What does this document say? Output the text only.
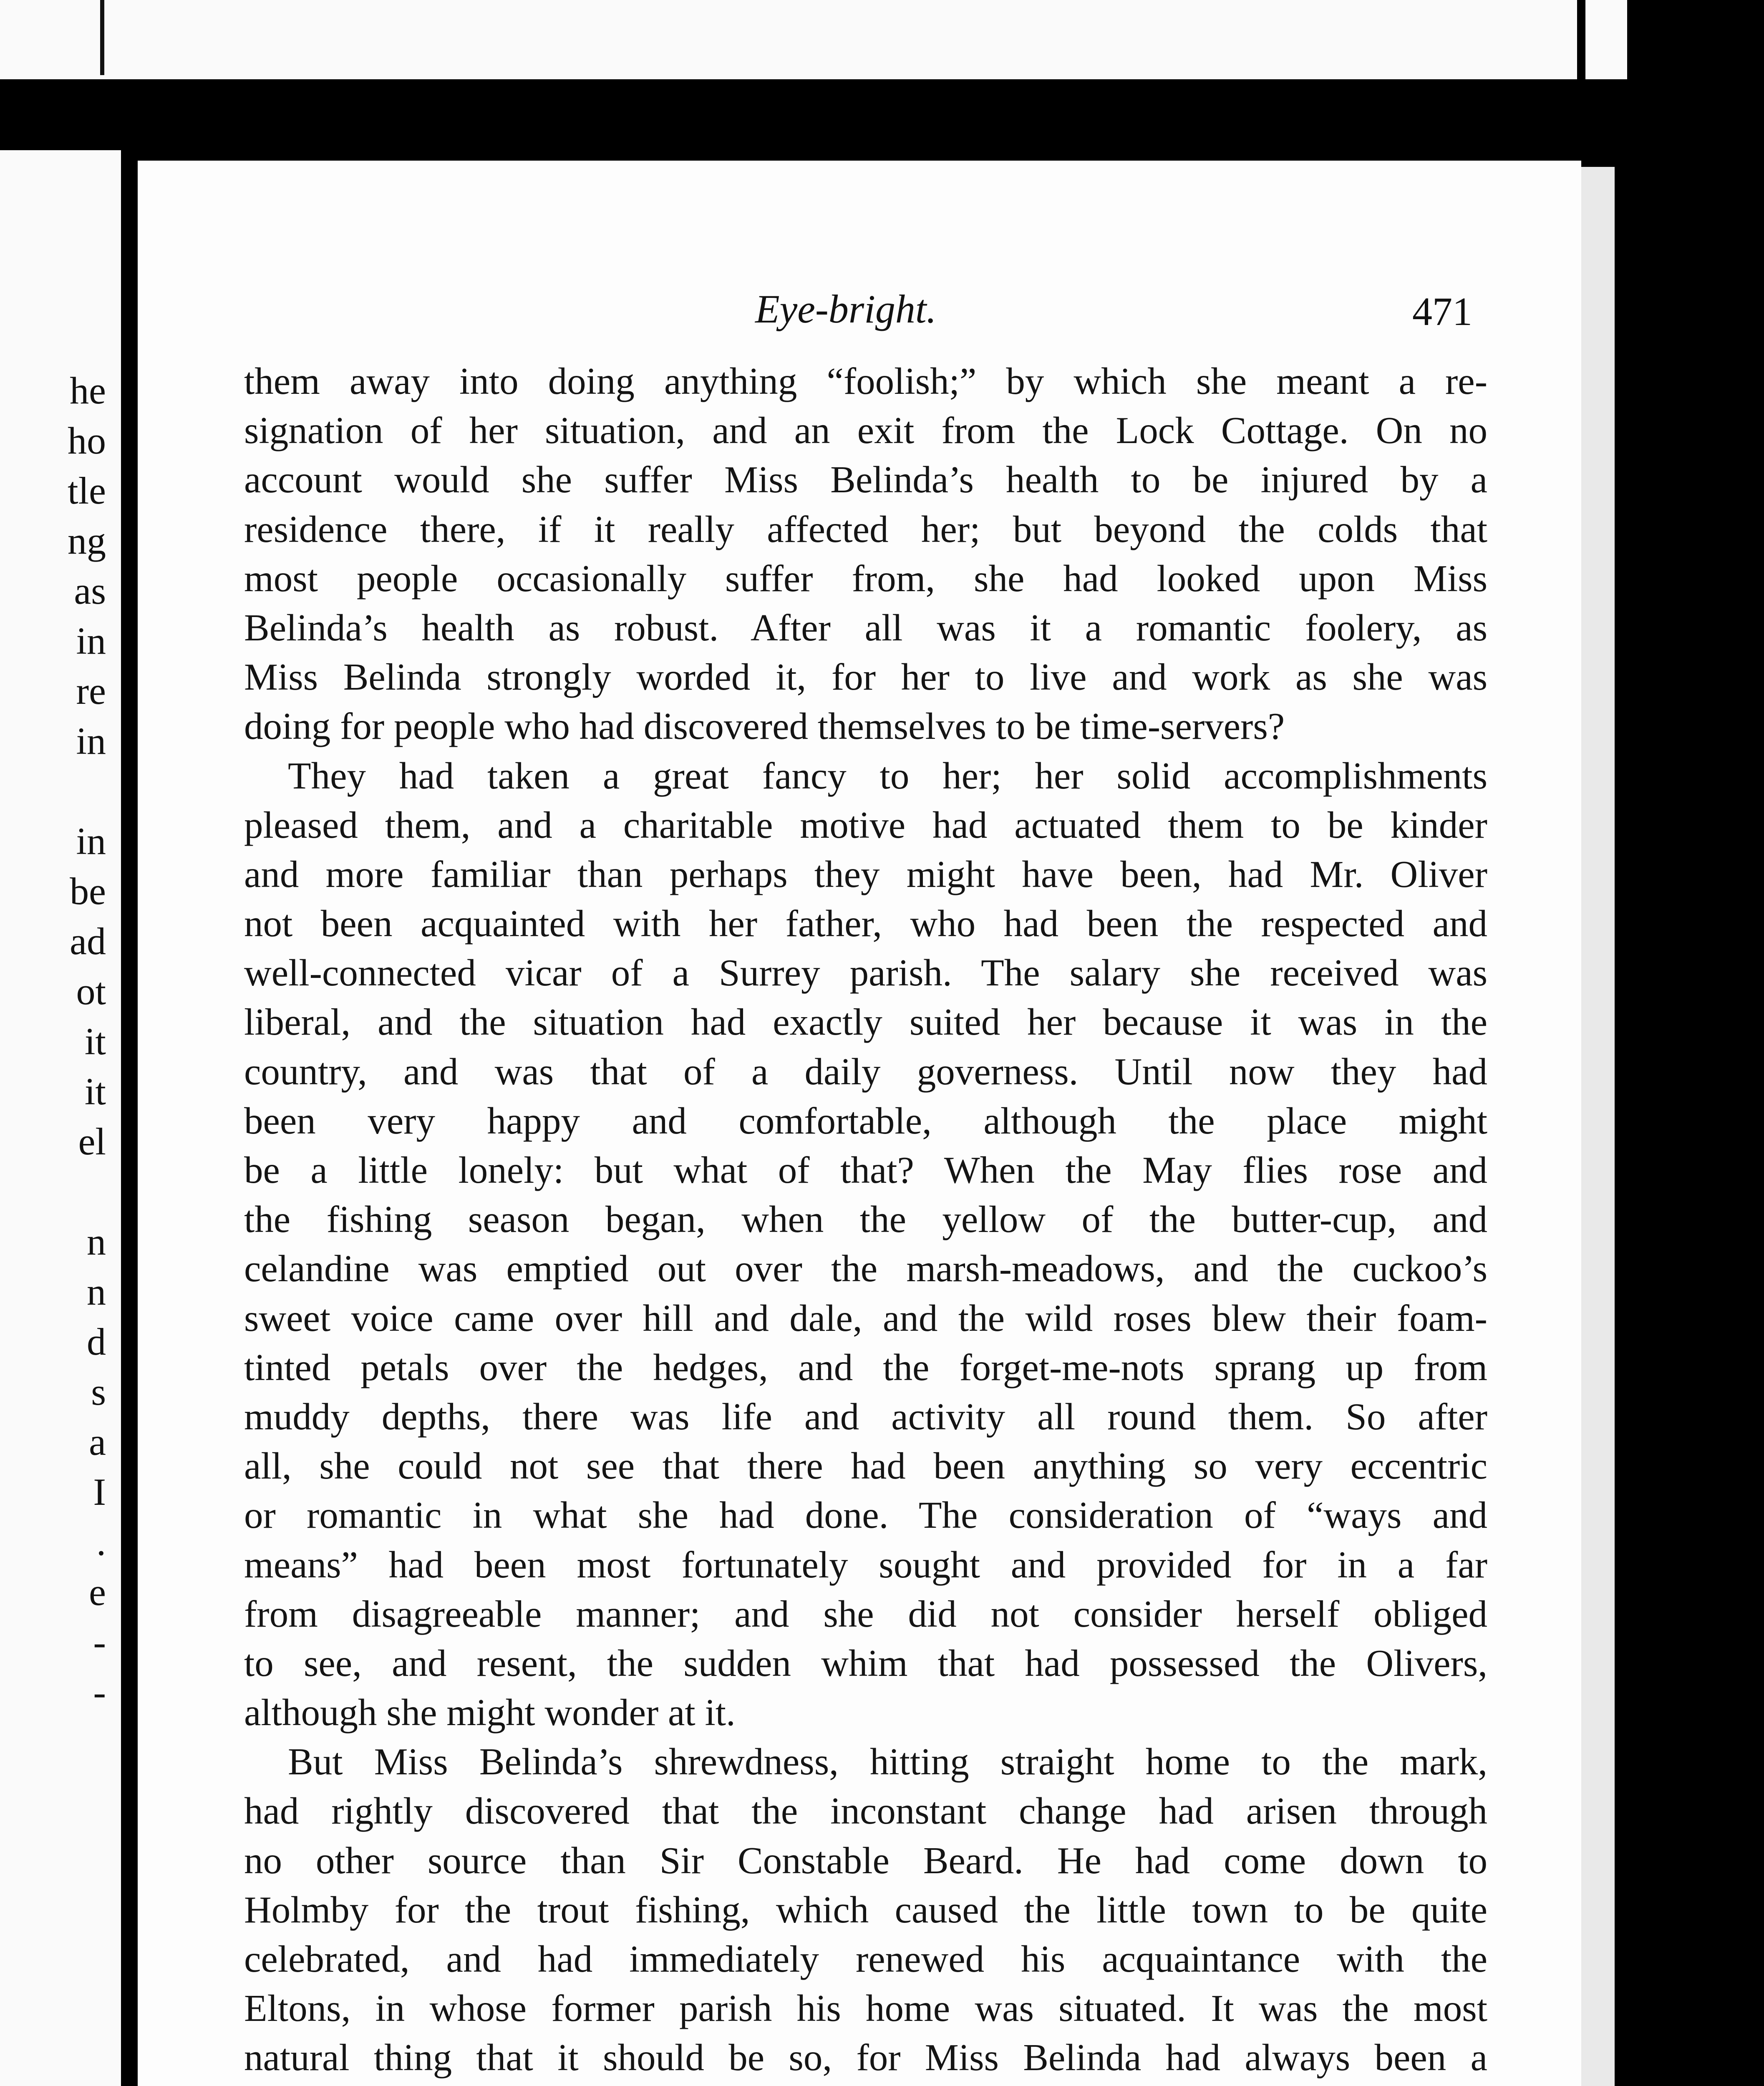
he
ho
tle
ng
as
in
re
in
in
be
ad
ot
it
it
el
n
n
d
s
a
I
.
e
-
-
Eye-bright.	471
them away into doing anything “foolish;” by which she meant a re-
signation of her situation, and an exit from the Lock Cottage. On no
account would she suffer Miss Belinda’s health to be injured by a
residence there, if it really affected her; but beyond the colds that
most people occasionally suffer from, she had looked upon Miss
Belinda’s health as robust. After all was it a romantic foolery, as
Miss Belinda strongly worded it, for her to live and work as she was
doing for people who had discovered themselves to be time-servers?
They had taken a great fancy to her; her solid accomplishments
pleased them, and a charitable motive had actuated them to be kinder
and more familiar than perhaps they might have been, had Mr. Oliver
not been acquainted with her father, who had been the respected and
well-connected vicar of a Surrey parish. The salary she received was
liberal, and the situation had exactly suited her because it was in the
country, and was that of a daily governess. Until now they had
been very happy and comfortable, although the place might
be a little lonely: but what of that? When the May flies rose and
the fishing season began, when the yellow of the butter-cup, and
celandine was emptied out over the marsh-meadows, and the cuckoo’s
sweet voice came over hill and dale, and the wild roses blew their foam-
tinted petals over the hedges, and the forget-me-nots sprang up from
muddy depths, there was life and activity all round them. So after
all, she could not see that there had been anything so very eccentric
or romantic in what she had done. The consideration of “ways and
means” had been most fortunately sought and provided for in a far
from disagreeable manner; and she did not consider herself obliged
to see, and resent, the sudden whim that had possessed the Olivers,
although she might wonder at it.
But Miss Belinda’s shrewdness, hitting straight home to the mark,
had rightly discovered that the inconstant change had arisen through
no other source than Sir Constable Beard. He had come down to
Holmby for the trout fishing, which caused the little town to be quite
celebrated, and had immediately renewed his acquaintance with the
Eltons, in whose former parish his home was situated. It was the most
natural thing that it should be so, for Miss Belinda had always been a
